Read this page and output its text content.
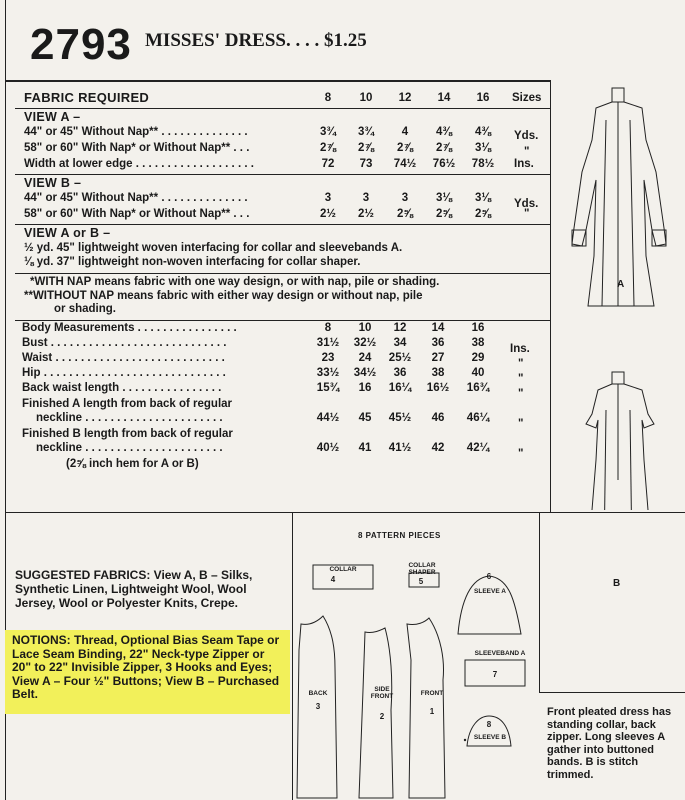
2793 MISSES' DRESS. . . . $1.25
FABRIC REQUIRED	8	10	12	14	16	Sizes
VIEW A –
44" or 45" Without Nap** . . . . . . . . . . . . . .	3¾	3¾	4	4⅜	4⅜	Yds.
58" or 60" With Nap* or Without Nap** . . .	2⅞	2⅞	2⅞	2⅞	3⅛	"
Width at lower edge . . . . . . . . . . . . . . . . . . .	72	73	74½	76½	78½	Ins.
VIEW B –
44" or 45" Without Nap** . . . . . . . . . . . . . .	3	3	3	3⅛	3⅛	Yds.
58" or 60" With Nap* or Without Nap** . . .	2½	2½	2⅝	2⅝	2⅝	"
VIEW A or B –
½ yd. 45" lightweight woven interfacing for collar and sleevebands A.
⅛ yd. 37" lightweight non-woven interfacing for collar shaper.
*WITH NAP means fabric with one way design, or with nap, pile or shading.
**WITHOUT NAP means fabric with either way design or without nap, pile
or shading.
Body Measurements . . . . . . . . . . . . . . . .	8	10	12	14	16
Bust . . . . . . . . . . . . . . . . . . . . . . . . . . . .	31½	32½	34	36	38	Ins.
Waist . . . . . . . . . . . . . . . . . . . . . . . . . . .	23	24	25½	27	29	"
Hip . . . . . . . . . . . . . . . . . . . . . . . . . . . . .	33½	34½	36	38	40	"
Back waist length . . . . . . . . . . . . . . . .	15¾	16	16¼	16½	16¾	"
Finished A length from back of regular
neckline . . . . . . . . . . . . . . . . . . . . . .	44½	45	45½	46	46¼	"
Finished B length from back of regular
neckline . . . . . . . . . . . . . . . . . . . . . .	40½	41	41½	42	42¼	"
(2⅝ inch hem for A or B)
SUGGESTED FABRICS: View A, B – Silks, Synthetic Linen, Lightweight Wool, Wool Jersey, Wool or Polyester Knits, Crepe.
NOTIONS: Thread, Optional Bias Seam Tape or Lace Seam Binding, 22" Neck-type Zipper or 20" to 22" Invisible Zipper, 3 Hooks and Eyes; View A – Four ½" Buttons; View B – Purchased Belt.
8 PATTERN PIECES
COLLAR
4
COLLAR SHAPER
5
6
SLEEVE A
SLEEVEBAND A
7
8
SLEEVE B
BACK
3
SIDE FRONT
2
FRONT
1
A
B
Front pleated dress has standing collar, back zipper. Long sleeves A gather into buttoned bands. B is stitch trimmed.
